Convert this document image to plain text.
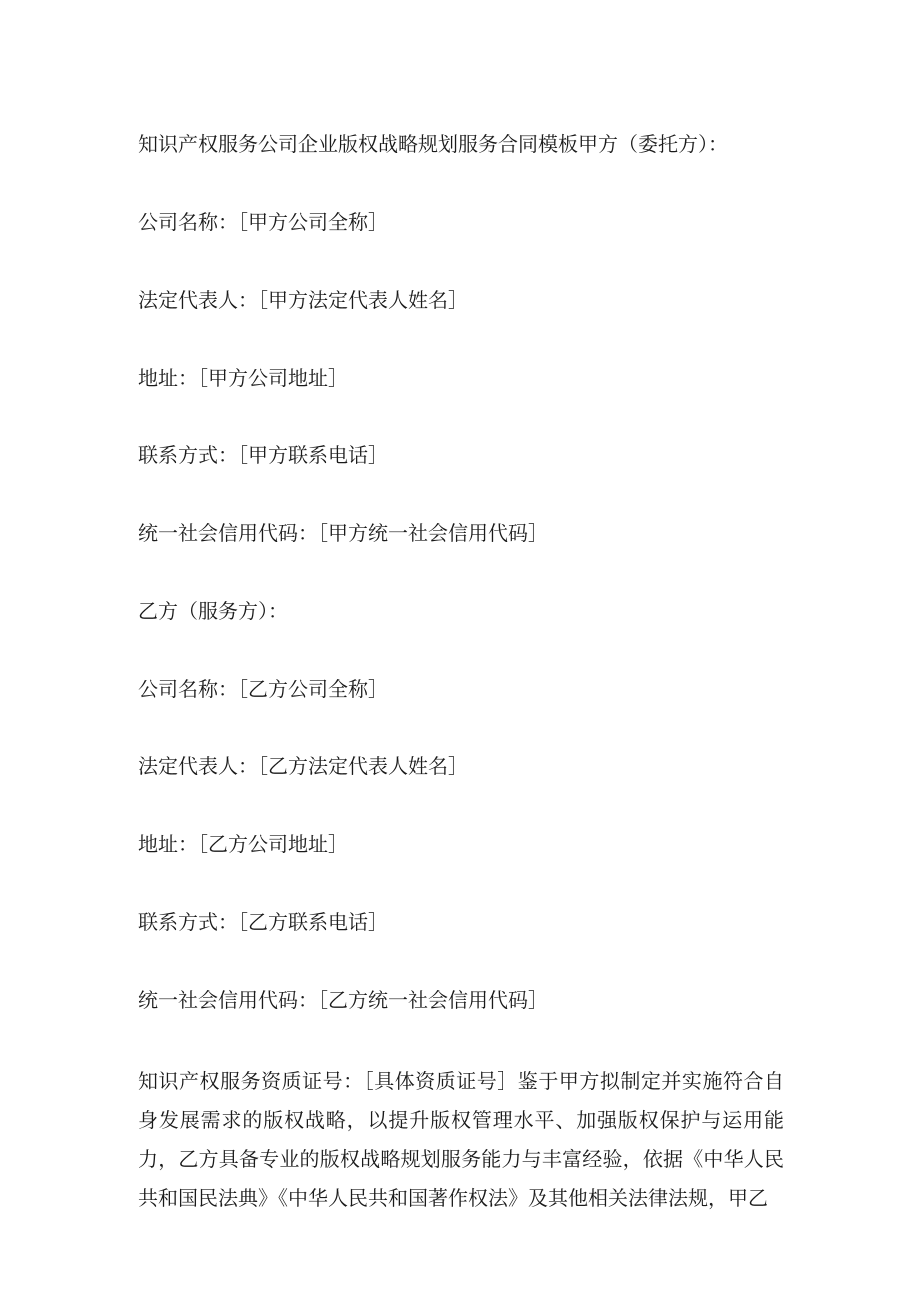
知识产权服务公司企业版权战略规划服务合同模板甲方（委托方）：
公司名称：［甲方公司全称］
法定代表人：［甲方法定代表人姓名］
地址：［甲方公司地址］
联系方式：［甲方联系电话］
统一社会信用代码：［甲方统一社会信用代码］
乙方（服务方）：
公司名称：［乙方公司全称］
法定代表人：［乙方法定代表人姓名］
地址：［乙方公司地址］
联系方式：［乙方联系电话］
统一社会信用代码：［乙方统一社会信用代码］
知识产权服务资质证号：［具体资质证号］鉴于甲方拟制定并实施符合自身发展需求的版权战略，以提升版权管理水平、加强版权保护与运用能力，乙方具备专业的版权战略规划服务能力与丰富经验，依据《中华人民共和国民法典》《中华人民共和国著作权法》及其他相关法律法规，甲乙
